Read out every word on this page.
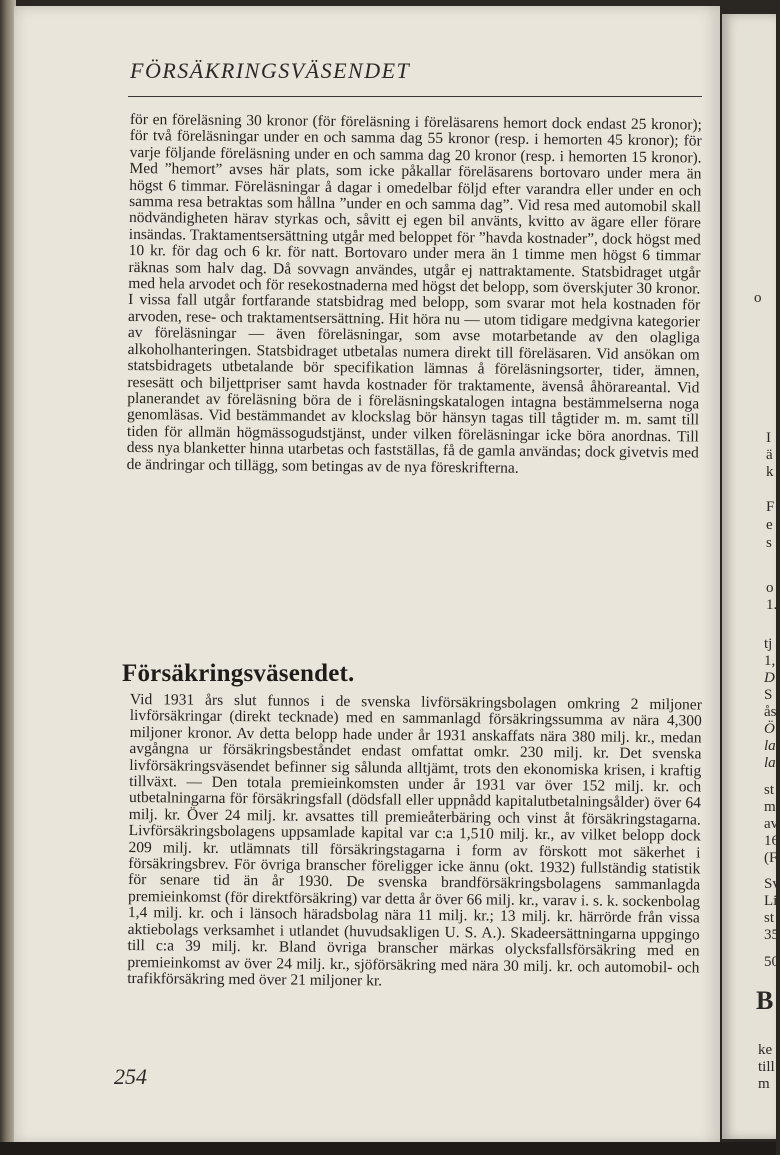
FÖRSÄKRINGSVÄSENDET
för en föreläsning 30 kronor (för föreläsning i föreläsarens hemort dock endast 25 kronor); för två föreläsningar under en och samma dag 55 kronor (resp. i hemorten 45 kronor); för varje följande föreläsning under en och samma dag 20 kronor (resp. i hemorten 15 kronor). Med ”hemort” avses här plats, som icke påkallar föreläsarens bortovaro under mera än högst 6 timmar. Föreläsningar å dagar i omedelbar följd efter varandra eller under en och samma resa betraktas som hållna ”under en och samma dag”. Vid resa med automobil skall nödvändigheten härav styrkas och, såvitt ej egen bil använts, kvitto av ägare eller förare insändas. Traktamentsersättning utgår med beloppet för ”havda kostnader”, dock högst med 10 kr. för dag och 6 kr. för natt. Bortovaro under mera än 1 timme men högst 6 timmar räknas som halv dag. Då sovvagn användes, utgår ej nattraktamente. Statsbidraget utgår med hela arvodet och för resekostnaderna med högst det belopp, som överskjuter 30 kronor. I vissa fall utgår fortfarande statsbidrag med belopp, som svarar mot hela kostnaden för arvoden, rese- och traktamentsersättning. Hit höra nu — utom tidigare medgivna kategorier av föreläsningar — även föreläsningar, som avse motarbetande av den olagliga alkoholhanteringen. Statsbidraget utbetalas numera direkt till föreläsaren. Vid ansökan om statsbidragets utbetalande bör specifikation lämnas å föreläsningsorter, tider, ämnen, resesätt och biljettpriser samt havda kostnader för traktamente, ävenså åhörareantal. Vid planerandet av föreläsning böra de i föreläsningskatalogen intagna bestämmelserna noga genomläsas. Vid bestämmandet av klockslag bör hänsyn tagas till tågtider m. m. samt till tiden för allmän högmässogudstjänst, under vilken föreläsningar icke böra anordnas. Till dess nya blanketter hinna utarbetas och fastställas, få de gamla användas; dock givetvis med de ändringar och tillägg, som betingas av de nya föreskrifterna.
Försäkringsväsendet.
Vid 1931 års slut funnos i de svenska livförsäkringsbolagen omkring 2 miljoner livförsäkringar (direkt tecknade) med en sammanlagd försäkringssumma av nära 4,300 miljoner kronor. Av detta belopp hade under år 1931 anskaffats nära 380 milj. kr., medan avgångna ur försäkringsbeståndet endast omfattat omkr. 230 milj. kr. Det svenska livförsäkringsväsendet befinner sig sålunda alltjämt, trots den ekonomiska krisen, i kraftig tillväxt. — Den totala premieinkomsten under år 1931 var över 152 milj. kr. och utbetalningarna för försäkringsfall (dödsfall eller uppnådd kapitalutbetalningsålder) över 64 milj. kr. Över 24 milj. kr. avsattes till premieåterbäring och vinst åt försäkringstagarna. Livförsäkringsbolagens uppsamlade kapital var c:a 1,510 milj. kr., av vilket belopp dock 209 milj. kr. utlämnats till försäkringstagarna i form av förskott mot säkerhet i försäkringsbrev. För övriga branscher föreligger icke ännu (okt. 1932) fullständig statistik för senare tid än år 1930. De svenska brandförsäkringsbolagens sammanlagda premieinkomst (för direktförsäkring) var detta år över 66 milj. kr., varav i. s. k. sockenbolag 1,4 milj. kr. och i länsoch häradsbolag nära 11 milj. kr.; 13 milj. kr. härrörde från vissa aktiebolags verksamhet i utlandet (huvudsakligen U. S. A.). Skadeersättningarna uppgingo till c:a 39 milj. kr. Bland övriga branscher märkas olycksfallsförsäkring med en premieinkomst av över 24 milj. kr., sjöförsäkring med nära 30 milj. kr. och automobil- och trafikförsäkring med över 21 miljoner kr.
254
o
I
ä
k
F
e
s
o
1.
tj
1,
D
S
ås
Ö
la
la
st
m
av
16
(F
Sv
Li
st
35
50
B
ke
till
m
